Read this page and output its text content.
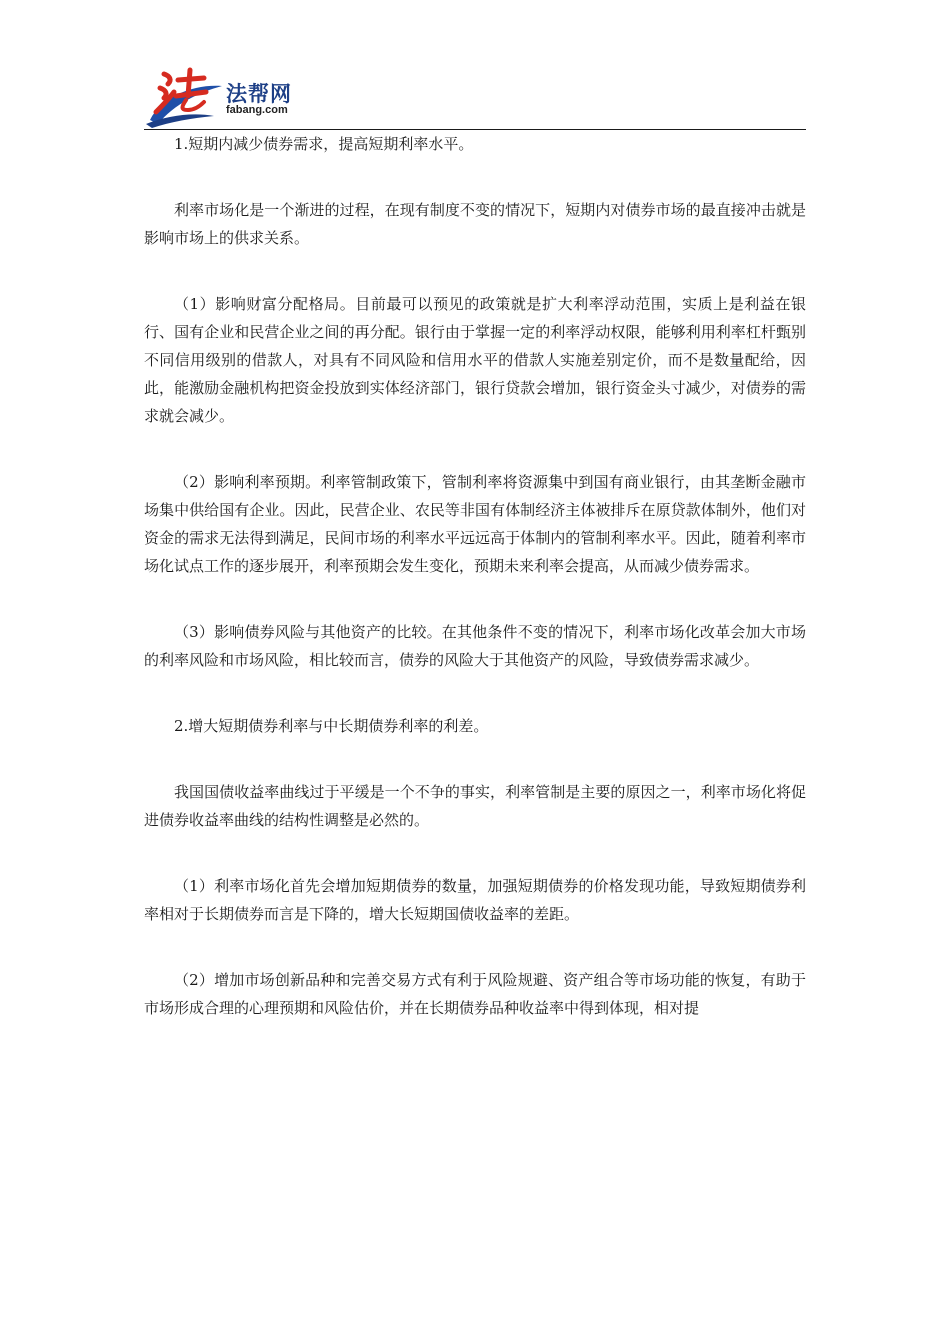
法帮网
fabang.com

1.短期内减少债券需求，提高短期利率水平。

利率市场化是一个渐进的过程，在现有制度不变的情况下，短期内对债券市场的最直接冲击就是影响市场上的供求关系。

（1）影响财富分配格局。目前最可以预见的政策就是扩大利率浮动范围，实质上是利益在银行、国有企业和民营企业之间的再分配。银行由于掌握一定的利率浮动权限，能够利用利率杠杆甄别不同信用级别的借款人，对具有不同风险和信用水平的借款人实施差别定价，而不是数量配给，因此，能激励金融机构把资金投放到实体经济部门，银行贷款会增加，银行资金头寸减少，对债券的需求就会减少。

（2）影响利率预期。利率管制政策下，管制利率将资源集中到国有商业银行，由其垄断金融市场集中供给国有企业。因此，民营企业、农民等非国有体制经济主体被排斥在原贷款体制外，他们对资金的需求无法得到满足，民间市场的利率水平远远高于体制内的管制利率水平。因此，随着利率市场化试点工作的逐步展开，利率预期会发生变化，预期未来利率会提高，从而减少债券需求。

（3）影响债券风险与其他资产的比较。在其他条件不变的情况下，利率市场化改革会加大市场的利率风险和市场风险，相比较而言，债券的风险大于其他资产的风险，导致债券需求减少。

2.增大短期债券利率与中长期债券利率的利差。

我国国债收益率曲线过于平缓是一个不争的事实，利率管制是主要的原因之一，利率市场化将促进债券收益率曲线的结构性调整是必然的。

（1）利率市场化首先会增加短期债券的数量，加强短期债券的价格发现功能，导致短期债券利率相对于长期债券而言是下降的，增大长短期国债收益率的差距。

（2）增加市场创新品种和完善交易方式有利于风险规避、资产组合等市场功能的恢复，有助于市场形成合理的心理预期和风险估价，并在长期债券品种收益率中得到体现，相对提
